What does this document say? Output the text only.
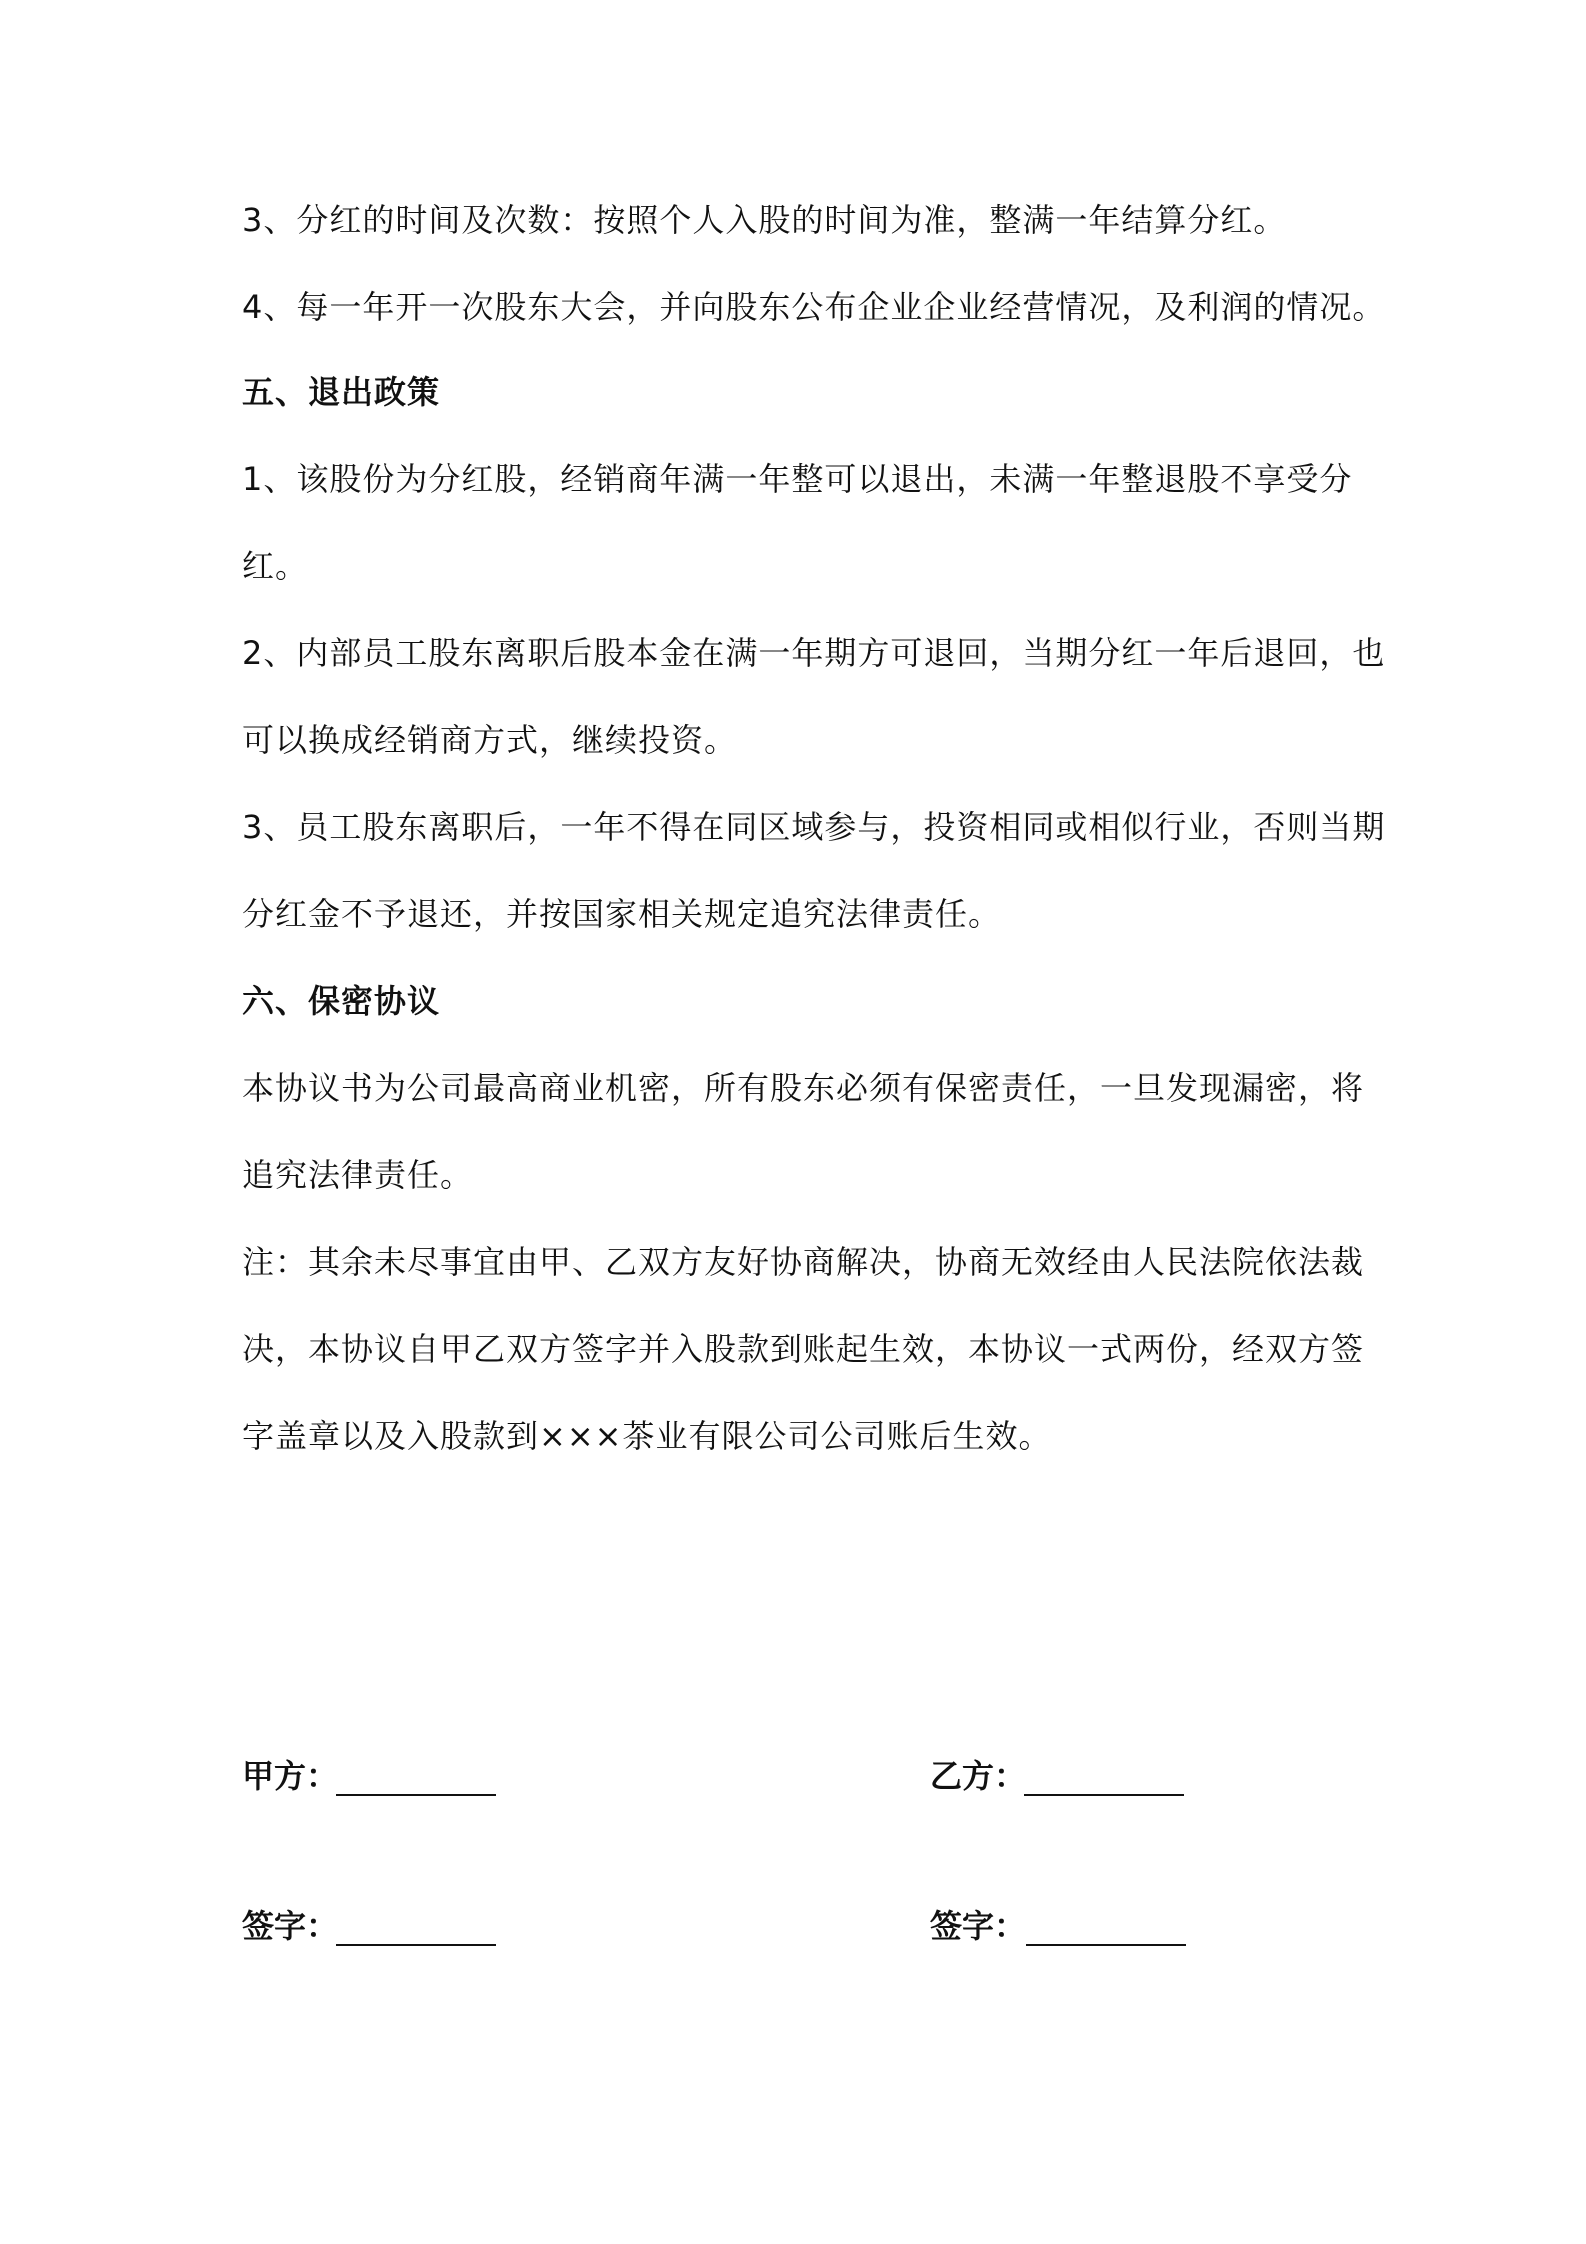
3、分红的时间及次数：按照个人入股的时间为准，整满一年结算分红。
4、每一年开一次股东大会，并向股东公布企业企业经营情况，及利润的情况。
五、退出政策
1、该股份为分红股，经销商年满一年整可以退出，未满一年整退股不享受分
红。
2、内部员工股东离职后股本金在满一年期方可退回，当期分红一年后退回，也
可以换成经销商方式，继续投资。
3、员工股东离职后，一年不得在同区域参与，投资相同或相似行业，否则当期
分红金不予退还，并按国家相关规定追究法律责任。
六、保密协议
本协议书为公司最高商业机密，所有股东必须有保密责任，一旦发现漏密，将
追究法律责任。
注：其余未尽事宜由甲、乙双方友好协商解决，协商无效经由人民法院依法裁
决，本协议自甲乙双方签字并入股款到账起生效，本协议一式两份，经双方签
字盖章以及入股款到×××茶业有限公司公司账后生效。
甲方：	乙方：
签字：	签字：
